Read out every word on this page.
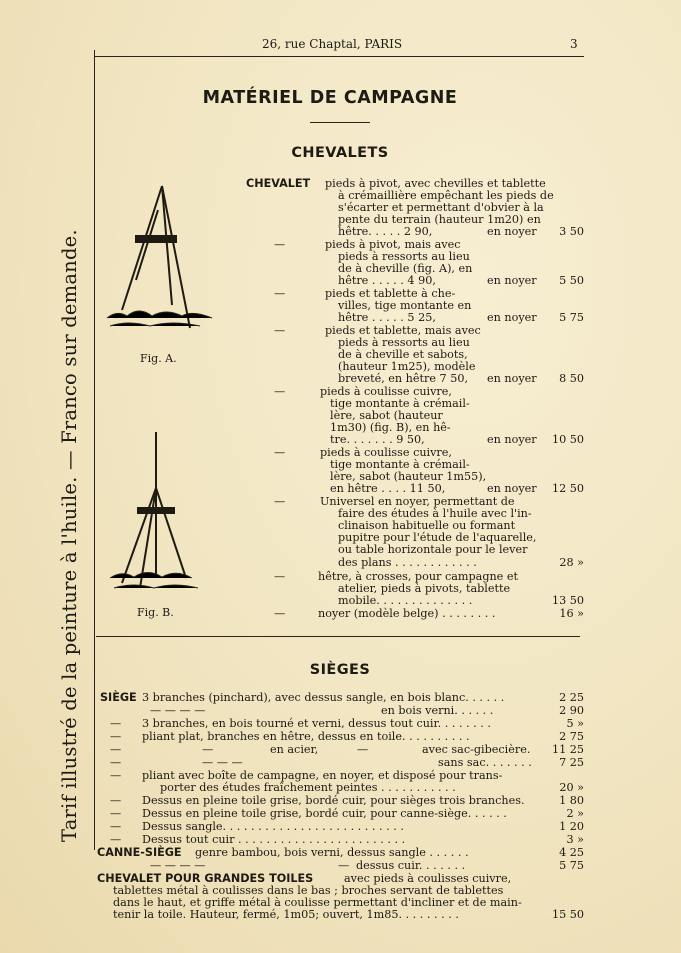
26, rue Chaptal, PARIS	3
Tarif illustré de la peinture à l'huile. — Franco sur demande.
MATÉRIEL DE CAMPAGNE
CHEVALETS
Fig. A.
Fig. B.
CHEVALET pieds à pivot, avec chevilles et tablette
à crémaillière empêchant les pieds de
s'écarter et permettant d'obvier à la
pente du terrain (hauteur 1m20) en
hêtre. . . . . 2 90,	en noyer	3 50
—	pieds à pivot, mais avec
pieds à ressorts au lieu
de à cheville (fig. A), en
hêtre . . . . . 4 90,	en noyer	5 50
—	pieds et tablette à che-
villes, tige montante en
hêtre . . . . . 5 25,	en noyer	5 75
—	pieds et tablette, mais avec
pieds à ressorts au lieu
de à cheville et sabots,
(hauteur 1m25), modèle
breveté, en hêtre 7 50, en noyer	8 50
—	pieds à coulisse cuivre,
tige montante à crémail-
lère, sabot (hauteur
1m30) (fig. B), en hê-
tre. . . . . . . 9 50,	en noyer	10 50
—	pieds à coulisse cuivre,
tige montante à crémail-
lère, sabot (hauteur 1m55),
en hêtre . . . . 11 50,	en noyer	12 50
—	Universel en noyer, permettant de
faire des études à l'huile avec l'in-
clinaison habituelle ou formant
pupitre pour l'étude de l'aquarelle,
ou table horizontale pour le lever
des plans . . . . . . . . . . . .	28 »
—	hêtre, à crosses, pour campagne et
atelier, pieds à pivots, tablette
mobile. . . . . . . . . . . . . .	13 50
—	noyer (modèle belge) . . . . . . . .	16 »
SIÈGES
SIÈGE 3 branches (pinchard), avec dessus sangle, en bois blanc. . . . . .	2 25
— — — —	en bois verni. . . . . .	2 90
— 3 branches, en bois tourné et verni, dessus tout cuir. . . . . . . .	5 »
— pliant plat, branches en hêtre, dessus en toile. . . . . . . . . .	2 75
—	—	en acier,	—	avec sac-gibecière.	11 25
—	— — —	sans sac. . . . . . .	7 25
— pliant avec boîte de campagne, en noyer, et disposé pour trans-
porter des études fraîchement peintes . . . . . . . . . . .	20 »
— Dessus en pleine toile grise, bordé cuir, pour sièges trois branches.	1 80
— Dessus en pleine toile grise, bordé cuir, pour canne-siège. . . . . .	2 »
— Dessus sangle. . . . . . . . . . . . . . . . . . . . . . . . . .	1 20
— Dessus tout cuir . . . . . . . . . . . . . . . . . . . . . . . .	3 »
CANNE-SIÈGE genre bambou, bois verni, dessus sangle . . . . . .	4 25
— — — —	— dessus cuir. . . . . . .	5 75
CHEVALET POUR GRANDES TOILES	avec pieds à coulisses cuivre,
tablettes métal à coulisses dans le bas ; broches servant de tablettes
dans le haut, et griffe métal à coulisse permettant d'incliner et de main-
tenir la toile. Hauteur, fermé, 1m05; ouvert, 1m85. . . . . . . . .	15 50
